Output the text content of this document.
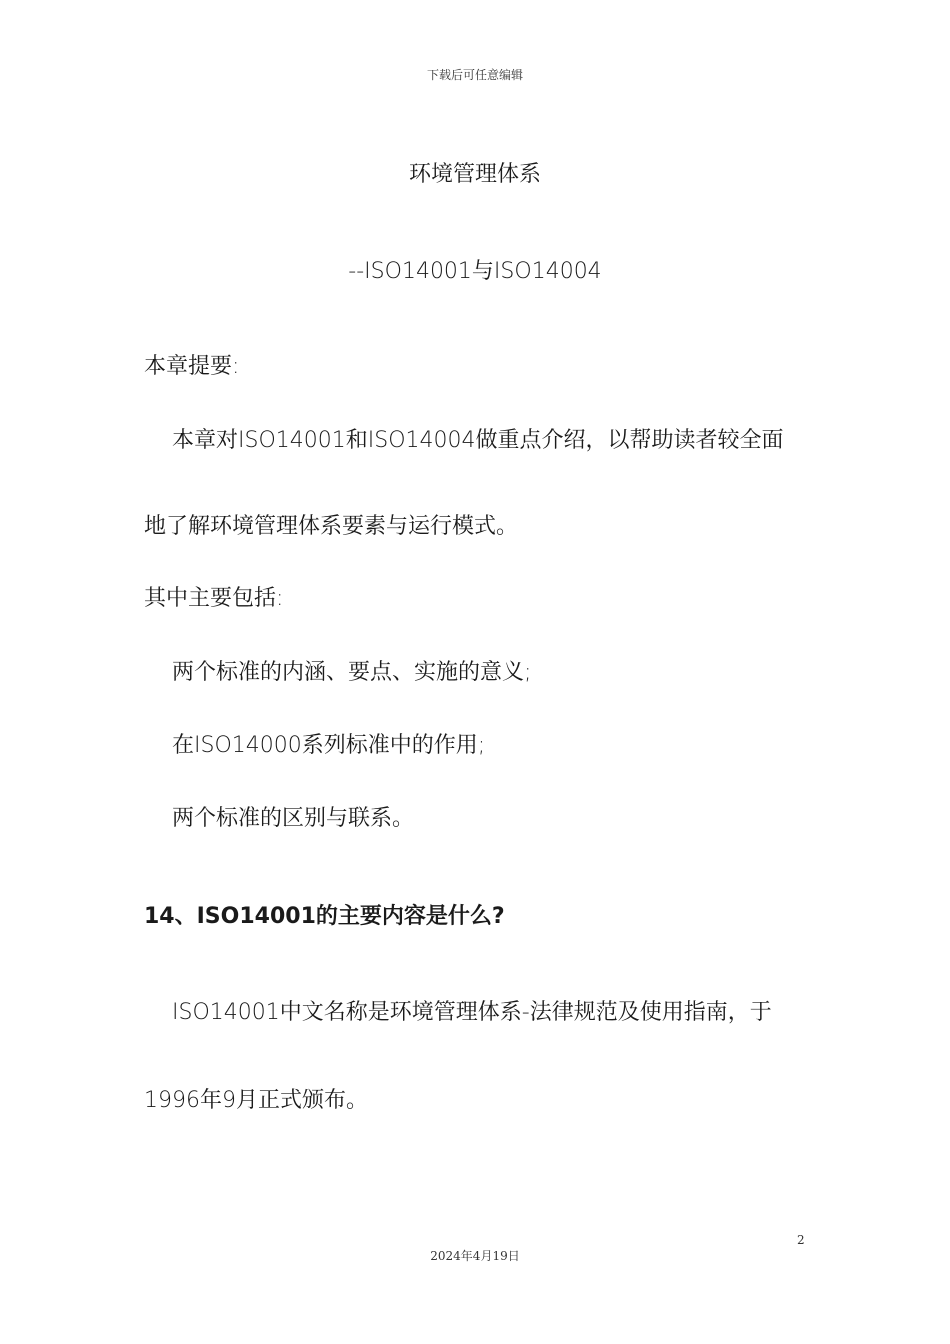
下载后可任意编辑
环境管理体系
--ISO14001与ISO14004
本章提要:
本章对ISO14001和ISO14004做重点介绍，以帮助读者较全面
地了解环境管理体系要素与运行模式。
其中主要包括:
两个标准的内涵、要点、实施的意义;
在ISO14000系列标准中的作用;
两个标准的区别与联系。
14、ISO14001的主要内容是什么?
ISO14001中文名称是环境管理体系-法律规范及使用指南，于
1996年9月正式颁布。
2
2024年4月19日
